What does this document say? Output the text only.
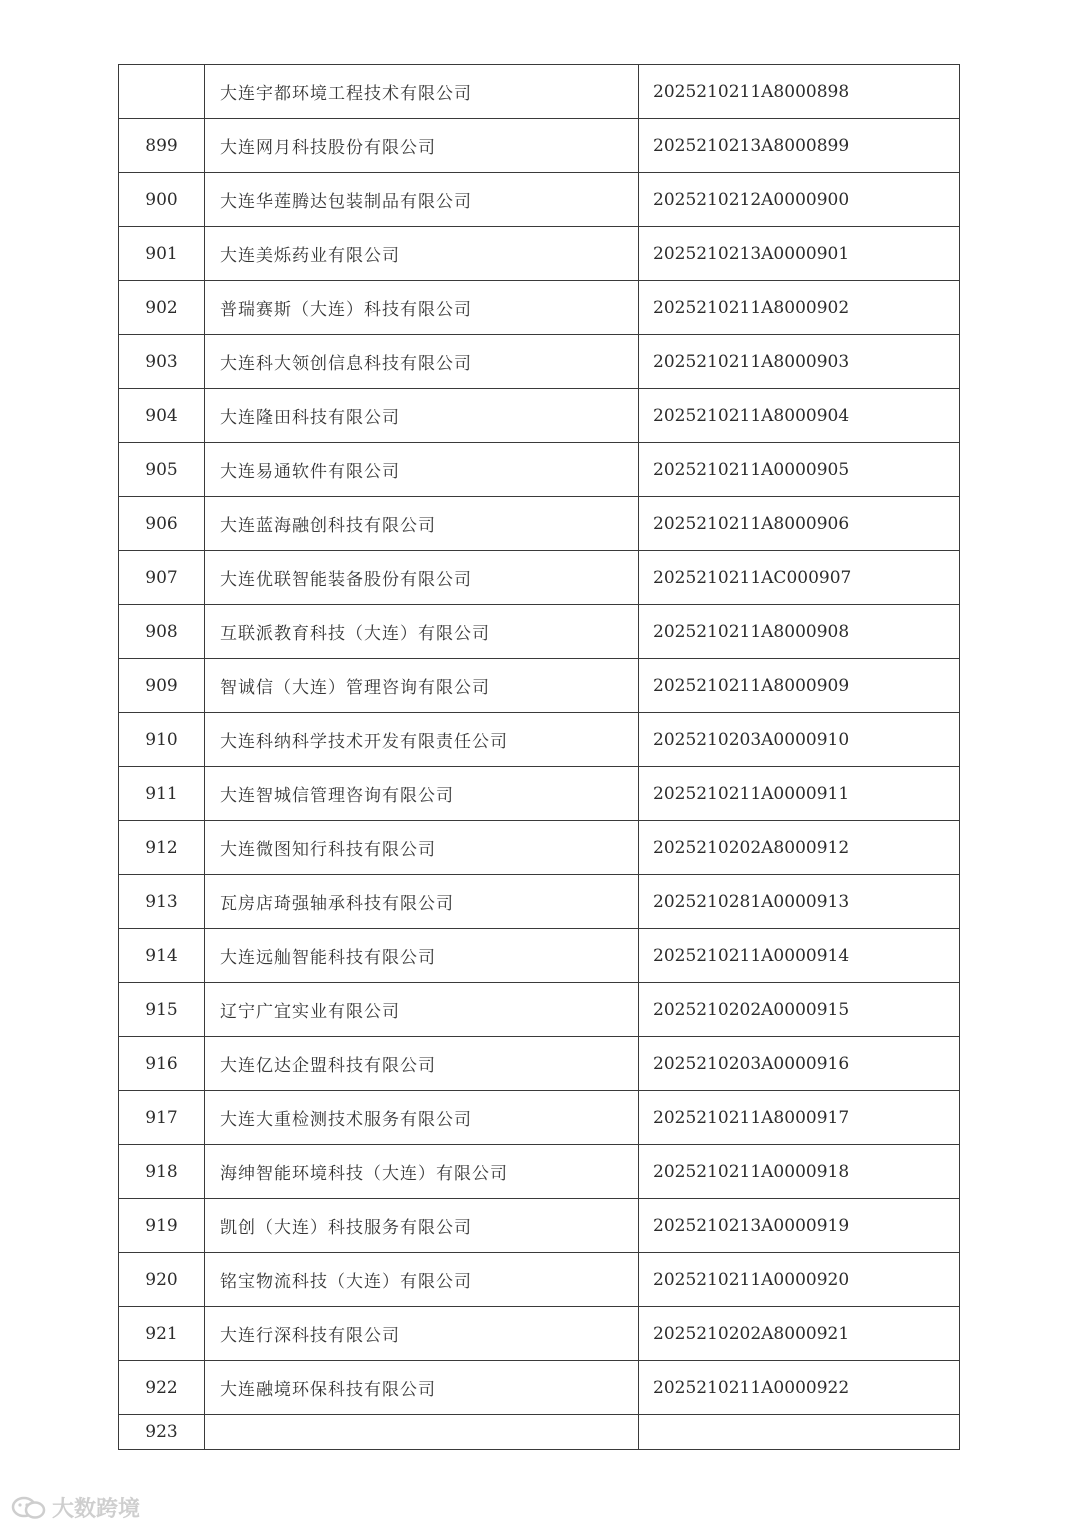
	大连宇都环境工程技术有限公司	2025210211A8000898
899	大连网月科技股份有限公司	2025210213A8000899
900	大连华莲腾达包装制品有限公司	2025210212A0000900
901	大连美烁药业有限公司	2025210213A0000901
902	普瑞赛斯（大连）科技有限公司	2025210211A8000902
903	大连科大领创信息科技有限公司	2025210211A8000903
904	大连隆田科技有限公司	2025210211A8000904
905	大连易通软件有限公司	2025210211A0000905
906	大连蓝海融创科技有限公司	2025210211A8000906
907	大连优联智能装备股份有限公司	2025210211AC000907
908	互联派教育科技（大连）有限公司	2025210211A8000908
909	智诚信（大连）管理咨询有限公司	2025210211A8000909
910	大连科纳科学技术开发有限责任公司	2025210203A0000910
911	大连智城信管理咨询有限公司	2025210211A0000911
912	大连微图知行科技有限公司	2025210202A8000912
913	瓦房店琦强轴承科技有限公司	2025210281A0000913
914	大连远舢智能科技有限公司	2025210211A0000914
915	辽宁广宜实业有限公司	2025210202A0000915
916	大连亿达企盟科技有限公司	2025210203A0000916
917	大连大重检测技术服务有限公司	2025210211A8000917
918	海绅智能环境科技（大连）有限公司	2025210211A0000918
919	凯创（大连）科技服务有限公司	2025210213A0000919
920	铭宝物流科技（大连）有限公司	2025210211A0000920
921	大连行深科技有限公司	2025210202A8000921
922	大连融境环保科技有限公司	2025210211A0000922
923		
大数跨境
